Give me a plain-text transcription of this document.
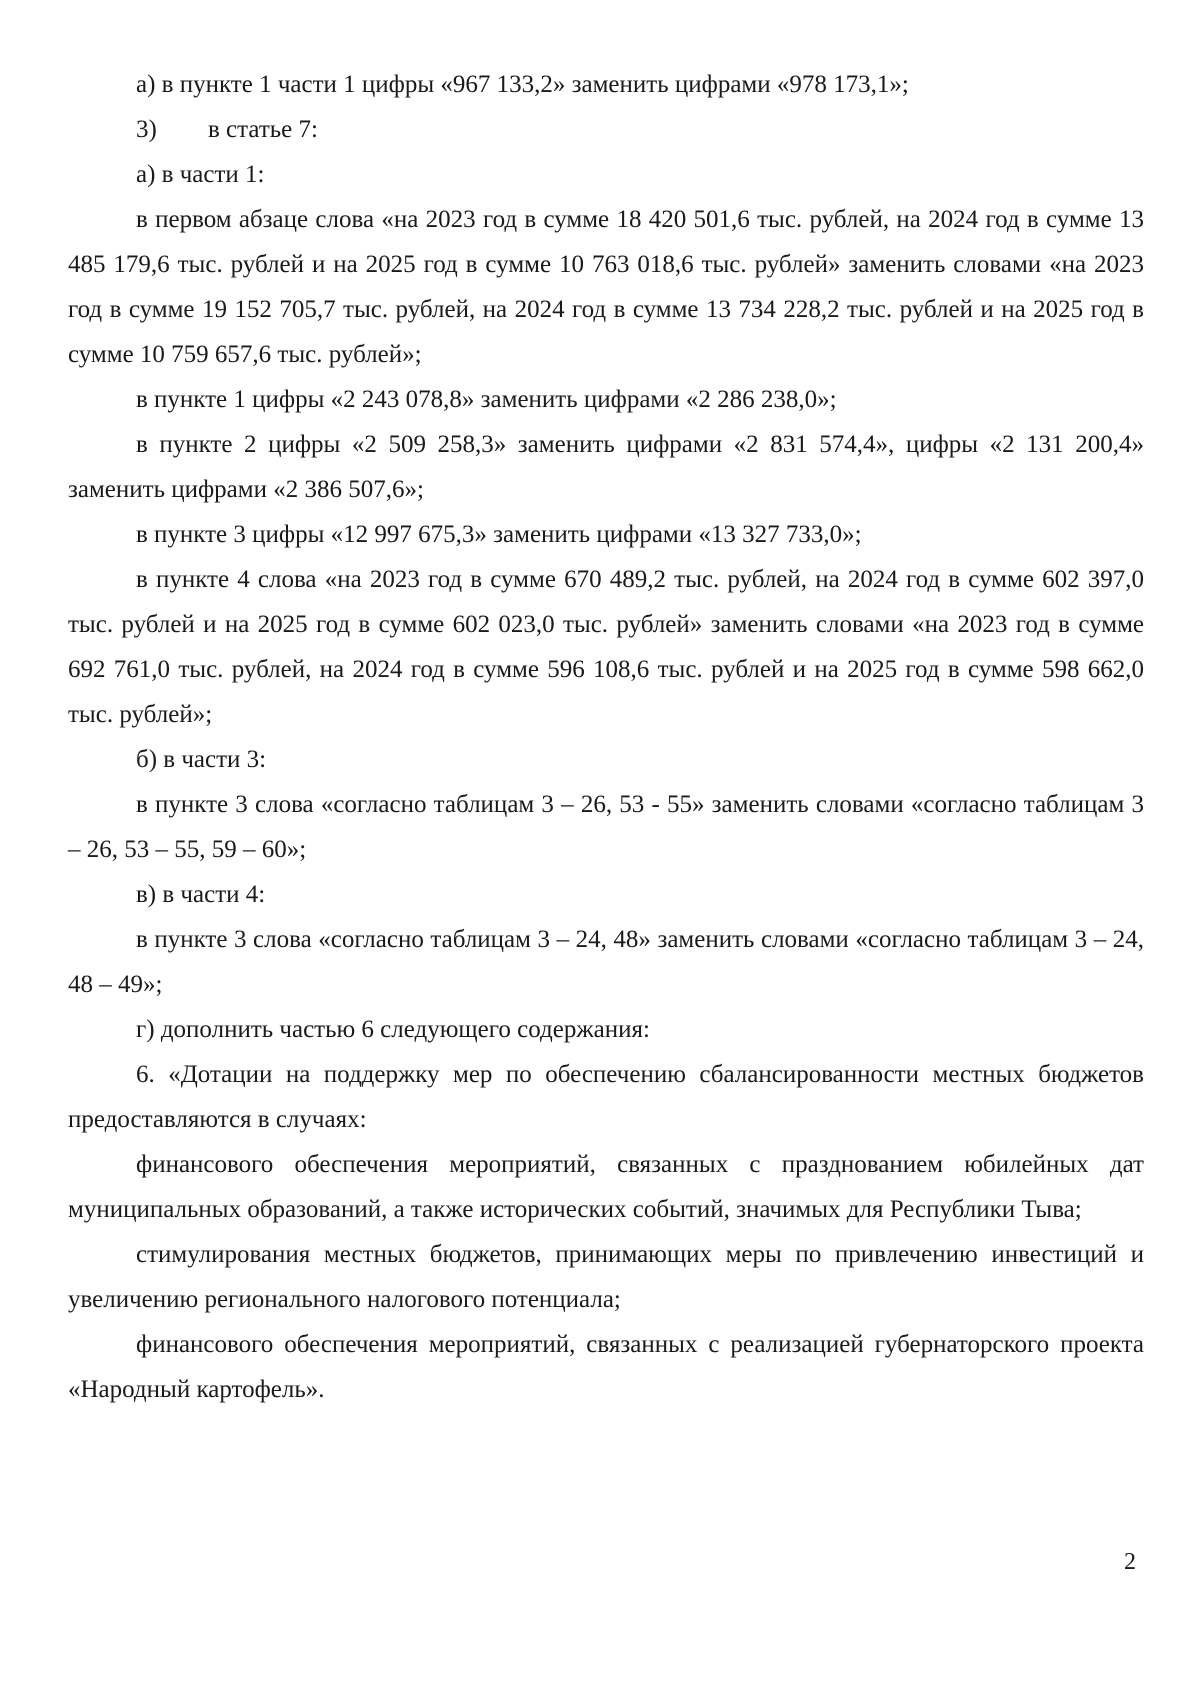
а) в пункте 1 части 1 цифры «967 133,2» заменить цифрами «978 173,1»;

3) в статье 7:

а) в части 1:

в первом абзаце слова «на 2023 год в сумме 18 420 501,6 тыс. рублей, на 2024 год в сумме 13 485 179,6 тыс. рублей и на 2025 год в сумме 10 763 018,6 тыс. рублей» заменить словами «на 2023 год в сумме 19 152 705,7 тыс. рублей, на 2024 год в сумме 13 734 228,2 тыс. рублей и на 2025 год в сумме 10 759 657,6 тыс. рублей»;

в пункте 1 цифры «2 243 078,8» заменить цифрами «2 286 238,0»;

в пункте 2 цифры «2 509 258,3» заменить цифрами «2 831 574,4», цифры «2 131 200,4» заменить цифрами «2 386 507,6»;

в пункте 3 цифры «12 997 675,3» заменить цифрами «13 327 733,0»;

в пункте 4 слова «на 2023 год в сумме 670 489,2 тыс. рублей, на 2024 год в сумме 602 397,0 тыс. рублей и на 2025 год в сумме 602 023,0 тыс. рублей» заменить словами «на 2023 год в сумме 692 761,0 тыс. рублей, на 2024 год в сумме 596 108,6 тыс. рублей и на 2025 год в сумме 598 662,0 тыс. рублей»;

б) в части 3:

в пункте 3 слова «согласно таблицам 3 – 26, 53 - 55» заменить словами «согласно таблицам 3 – 26, 53 – 55, 59 – 60»;

в) в части 4:

в пункте 3 слова «согласно таблицам 3 – 24, 48» заменить словами «согласно таблицам 3 – 24, 48 – 49»;

г) дополнить частью 6 следующего содержания:

6. «Дотации на поддержку мер по обеспечению сбалансированности местных бюджетов предоставляются в случаях:

финансового обеспечения мероприятий, связанных с празднованием юбилейных дат муниципальных образований, а также исторических событий, значимых для Республики Тыва;

стимулирования местных бюджетов, принимающих меры по привлечению инвестиций и увеличению регионального налогового потенциала;

финансового обеспечения мероприятий, связанных с реализацией губернаторского проекта «Народный картофель».

2
